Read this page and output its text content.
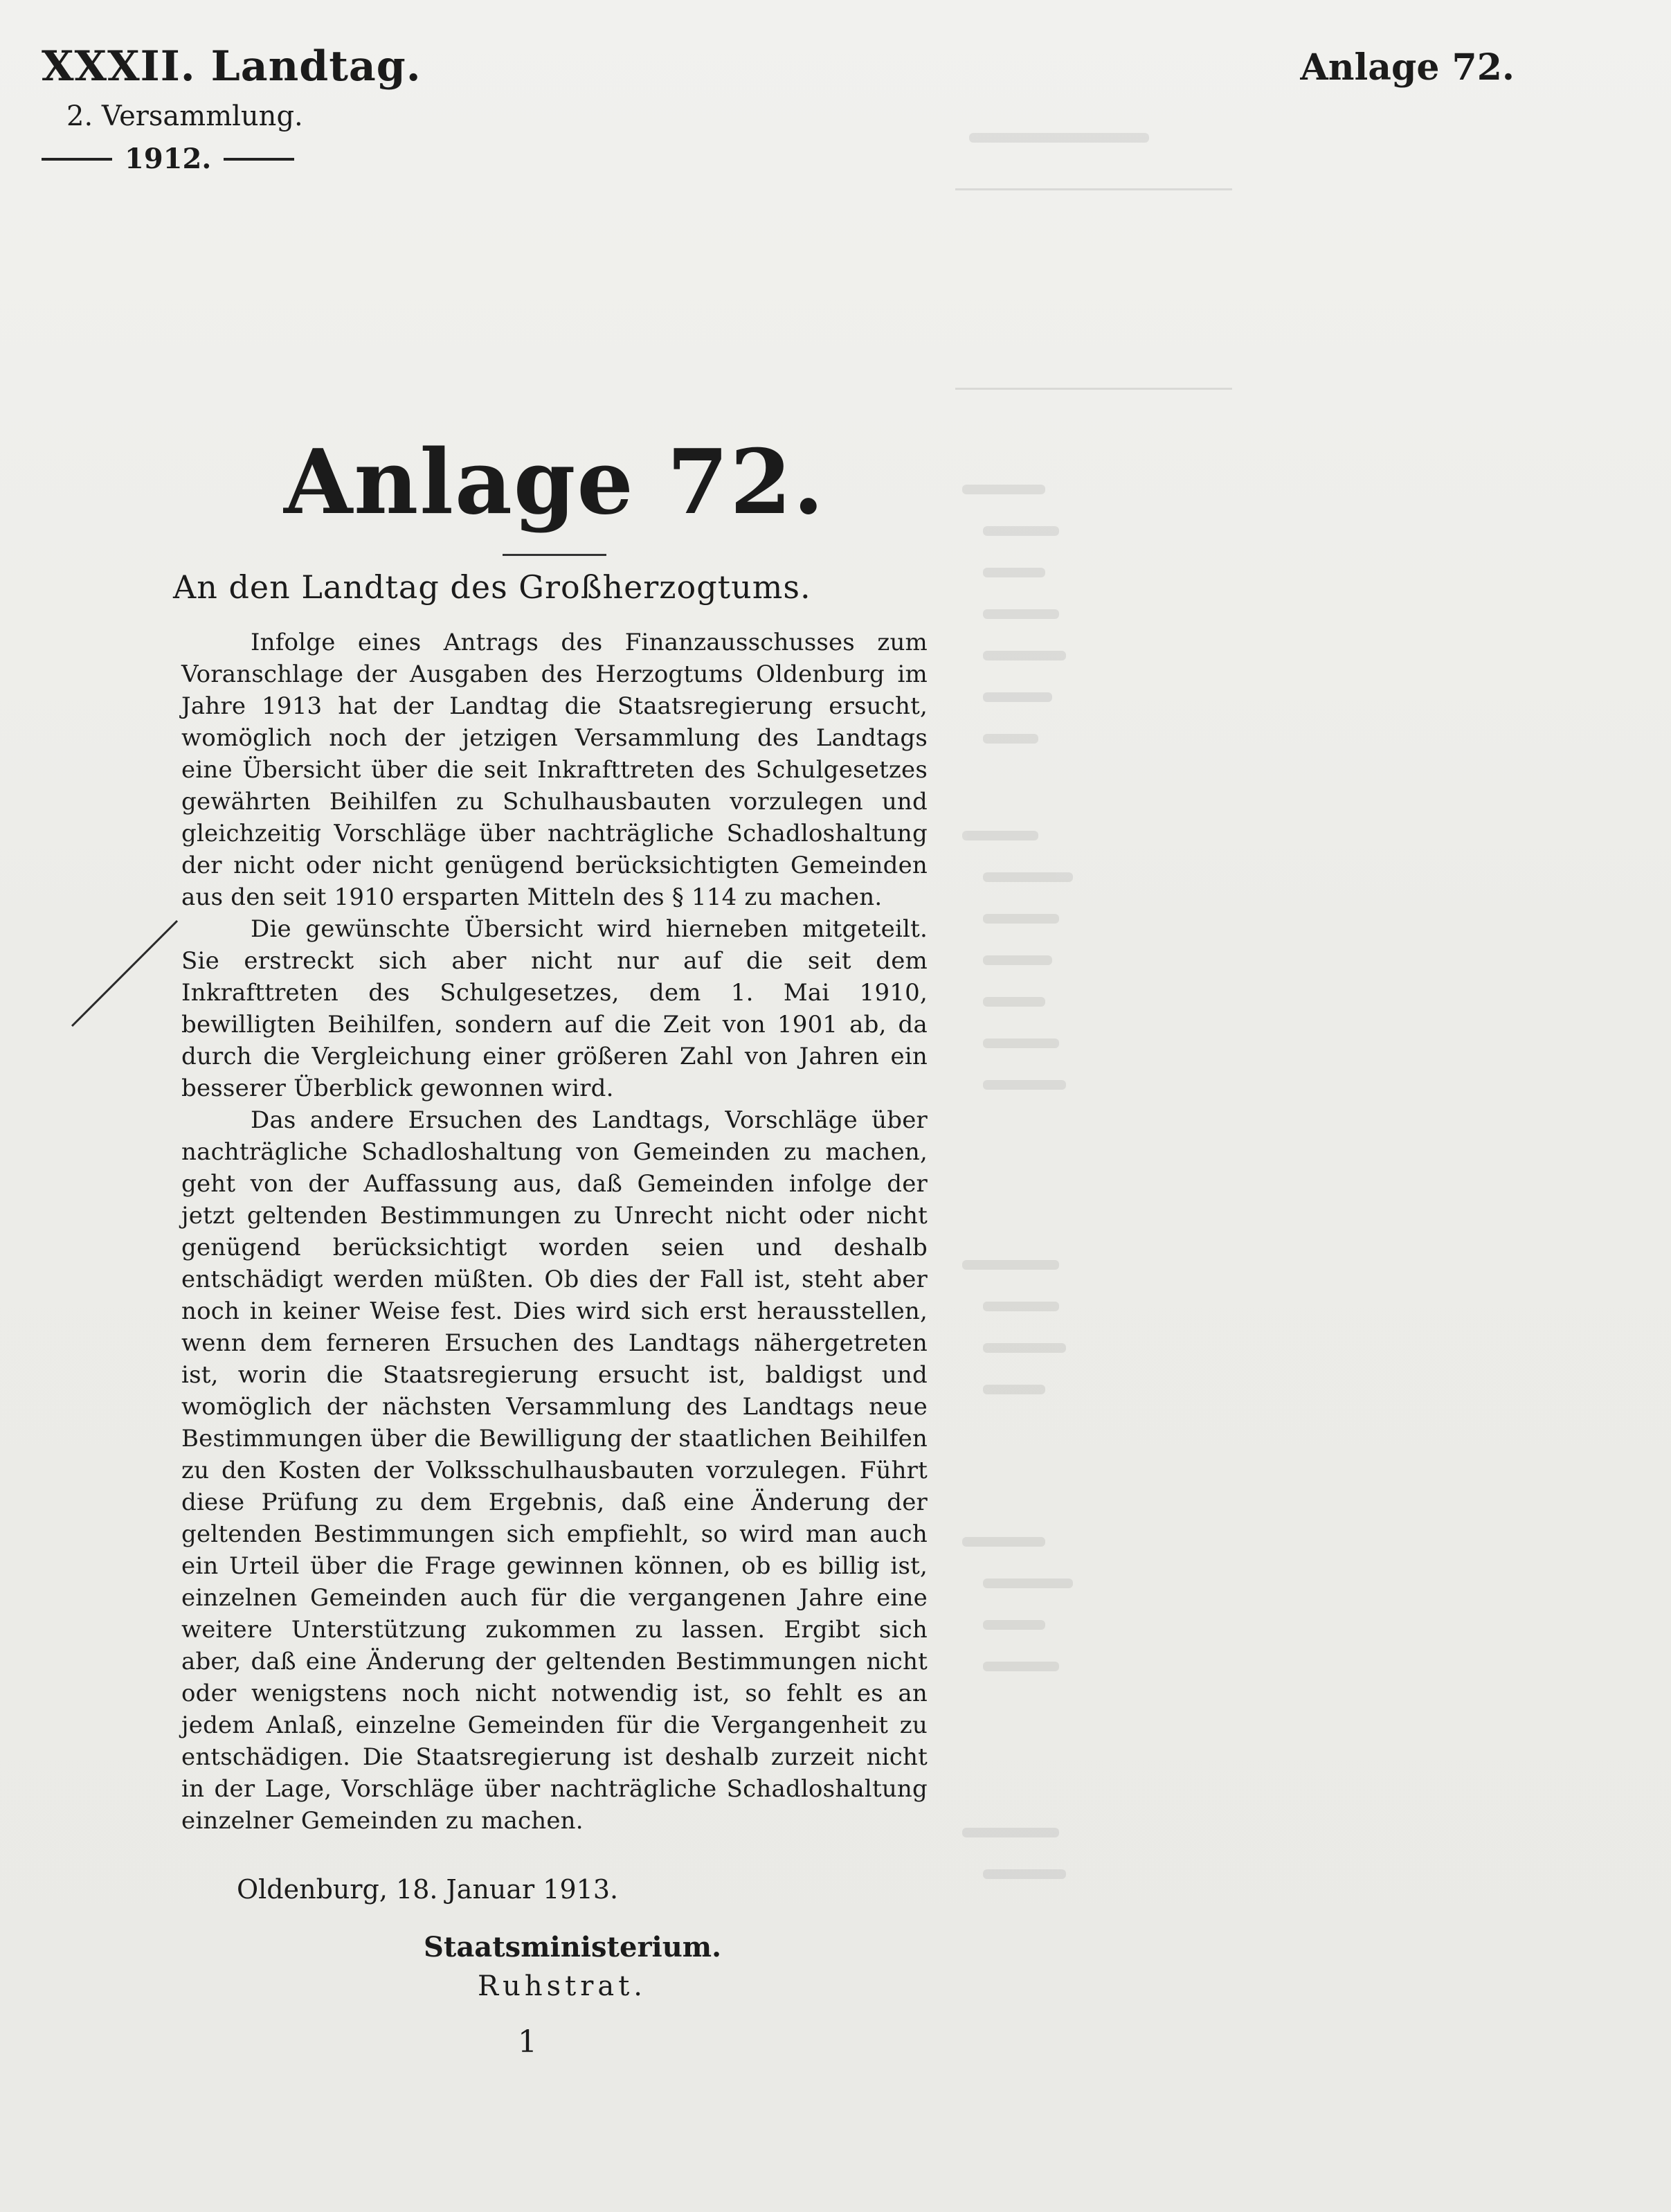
XXXII. Landtag.
2. Versammlung.
1912.
Anlage 72.
Anlage 72.
An den Landtag des Großherzogtums.

Infolge eines Antrags des Finanzausschusses zum Voranschlage der Ausgaben des Herzogtums Oldenburg im Jahre 1913 hat der Landtag die Staatsregierung ersucht, womöglich noch der jetzigen Versammlung des Landtags eine Übersicht über die seit Inkrafttreten des Schulgesetzes gewährten Beihilfen zu Schulhausbauten vorzulegen und gleichzeitig Vorschläge über nachträgliche Schadloshaltung der nicht oder nicht genügend berücksichtigten Gemeinden aus den seit 1910 ersparten Mitteln des § 114 zu machen.

Die gewünschte Übersicht wird hierneben mitgeteilt. Sie erstreckt sich aber nicht nur auf die seit dem Inkrafttreten des Schulgesetzes, dem 1. Mai 1910, bewilligten Beihilfen, sondern auf die Zeit von 1901 ab, da durch die Vergleichung einer größeren Zahl von Jahren ein besserer Überblick gewonnen wird.

Das andere Ersuchen des Landtags, Vorschläge über nachträgliche Schadloshaltung von Gemeinden zu machen, geht von der Auffassung aus, daß Gemeinden infolge der jetzt geltenden Bestimmungen zu Unrecht nicht oder nicht genügend berücksichtigt worden seien und deshalb entschädigt werden müßten. Ob dies der Fall ist, steht aber noch in keiner Weise fest. Dies wird sich erst herausstellen, wenn dem ferneren Ersuchen des Landtags nähergetreten ist, worin die Staatsregierung ersucht ist, baldigst und womöglich der nächsten Versammlung des Landtags neue Bestimmungen über die Bewilligung der staatlichen Beihilfen zu den Kosten der Volksschulhausbauten vorzulegen. Führt diese Prüfung zu dem Ergebnis, daß eine Änderung der geltenden Bestimmungen sich empfiehlt, so wird man auch ein Urteil über die Frage gewinnen können, ob es billig ist, einzelnen Gemeinden auch für die vergangenen Jahre eine weitere Unterstützung zukommen zu lassen. Ergibt sich aber, daß eine Änderung der geltenden Bestimmungen nicht oder wenigstens noch nicht notwendig ist, so fehlt es an jedem Anlaß, einzelne Gemeinden für die Vergangenheit zu entschädigen. Die Staatsregierung ist deshalb zurzeit nicht in der Lage, Vorschläge über nachträgliche Schadloshaltung einzelner Gemeinden zu machen.

Oldenburg, 18. Januar 1913.
Staatsministerium.
Ruhstrat.
1
